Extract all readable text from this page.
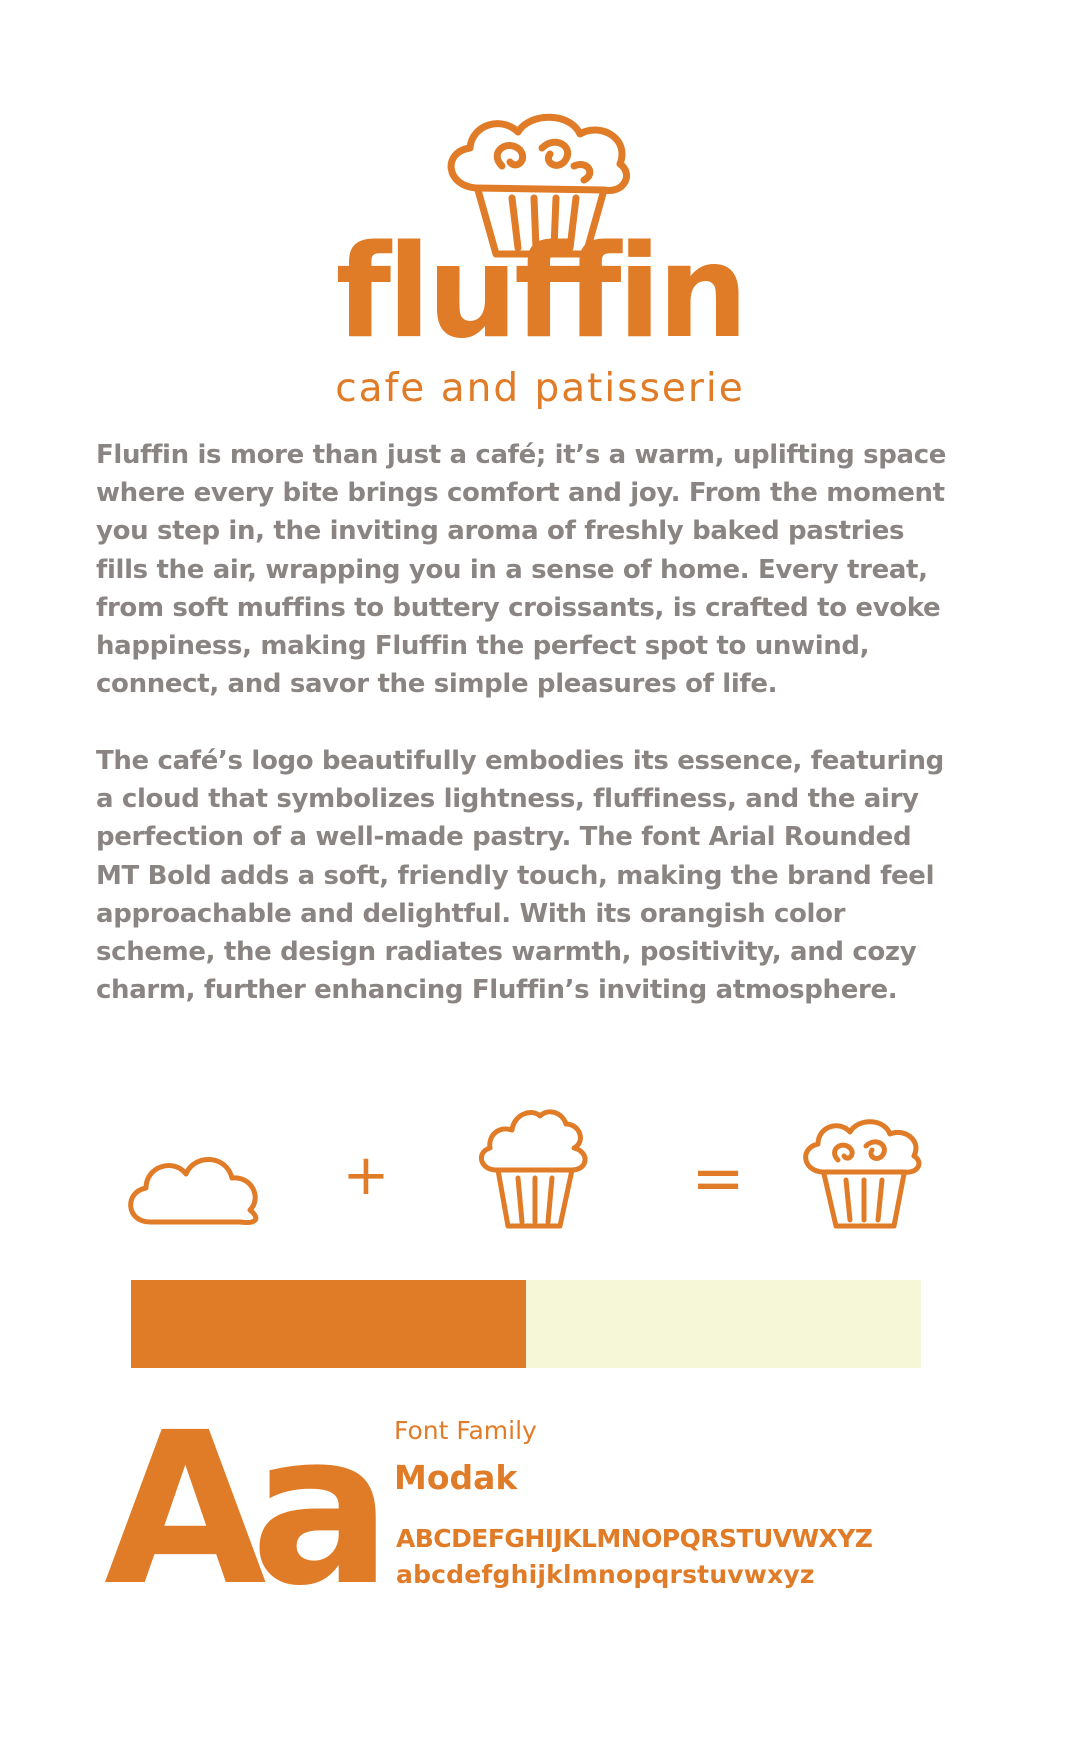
fluffin
cafe and patisserie
Fluffin is more than just a café; it’s a warm, uplifting space
where every bite brings comfort and joy. From the moment
you step in, the inviting aroma of freshly baked pastries
fills the air, wrapping you in a sense of home. Every treat,
from soft muffins to buttery croissants, is crafted to evoke
happiness, making Fluffin the perfect spot to unwind,
connect, and savor the simple pleasures of life.
The café’s logo beautifully embodies its essence, featuring
a cloud that symbolizes lightness, fluffiness, and the airy
perfection of a well-made pastry. The font Arial Rounded
MT Bold adds a soft, friendly touch, making the brand feel
approachable and delightful. With its orangish color
scheme, the design radiates warmth, positivity, and cozy
charm, further enhancing Fluffin’s inviting atmosphere.
+	=
Aa Font Family
Modak
ABCDEFGHIJKLMNOPQRSTUVWXYZ
abcdefghijklmnopqrstuvwxyz
